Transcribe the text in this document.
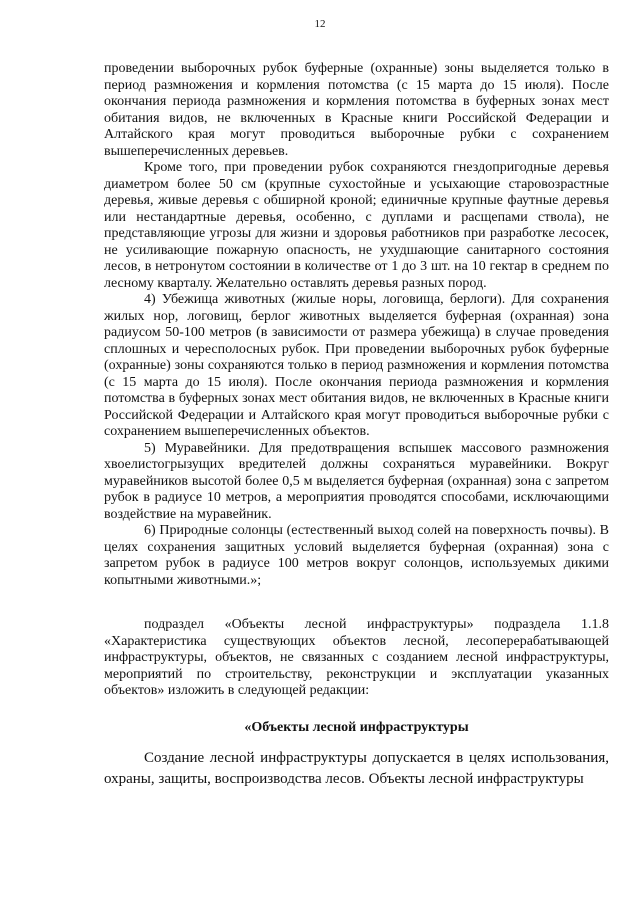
12

проведении выборочных рубок буферные (охранные) зоны выделяется только в период размножения и кормления потомства (с 15 марта до 15 июля). После окончания периода размножения и кормления потомства в буферных зонах мест обитания видов, не включенных в Красные книги Российской Федерации и Алтайского края могут проводиться выборочные рубки с сохранением вышеперечисленных деревьев.

Кроме того, при проведении рубок сохраняются гнездопригодные деревья диаметром более 50 см (крупные сухостойные и усыхающие старовозрастные деревья, живые деревья с обширной кроной; единичные крупные фаутные деревья или нестандартные деревья, особенно, с дуплами и расщепами ствола), не представляющие угрозы для жизни и здоровья работников при разработке лесосек, не усиливающие пожарную опасность, не ухудшающие санитарного состояния лесов, в нетронутом состоянии в количестве от 1 до 3 шт. на 10 гектар в среднем по лесному кварталу. Желательно оставлять деревья разных пород.

4) Убежища животных (жилые норы, логовища, берлоги). Для сохранения жилых нор, логовищ, берлог животных выделяется буферная (охранная) зона радиусом 50-100 метров (в зависимости от размера убежища) в случае проведения сплошных и чересполосных рубок. При проведении выборочных рубок буферные (охранные) зоны сохраняются только в период размножения и кормления потомства (с 15 марта до 15 июля). После окончания периода размножения и кормления потомства в буферных зонах мест обитания видов, не включенных в Красные книги Российской Федерации и Алтайского края могут проводиться выборочные рубки с сохранением вышеперечисленных объектов.

5) Муравейники. Для предотвращения вспышек массового размножения хвоелистогрызущих вредителей должны сохраняться муравейники. Вокруг муравейников высотой более 0,5 м выделяется буферная (охранная) зона с запретом рубок в радиусе 10 метров, а мероприятия проводятся способами, исключающими воздействие на муравейник.

6) Природные солонцы (естественный выход солей на поверхность почвы). В целях сохранения защитных условий выделяется буферная (охранная) зона с запретом рубок в радиусе 100 метров вокруг солонцов, используемых дикими копытными животными.»;

подраздел «Объекты лесной инфраструктуры» подраздела 1.1.8 «Характеристика существующих объектов лесной, лесоперерабатывающей инфраструктуры, объектов, не связанных с созданием лесной инфраструктуры, мероприятий по строительству, реконструкции и эксплуатации указанных объектов» изложить в следующей редакции:

«Объекты лесной инфраструктуры

Создание лесной инфраструктуры допускается в целях использования, охраны, защиты, воспроизводства лесов. Объекты лесной инфраструктуры
